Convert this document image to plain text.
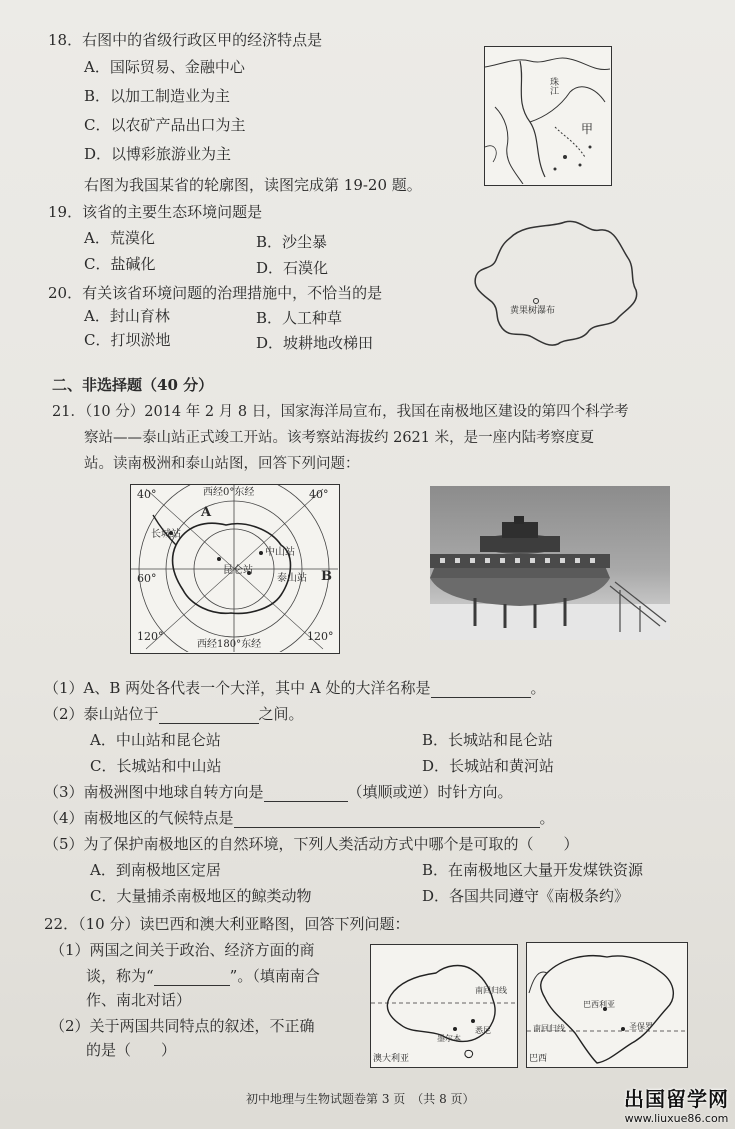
18．右图中的省级行政区甲的经济特点是
A．国际贸易、金融中心
B．以加工制造业为主
C．以农矿产品出口为主
D．以博彩旅游业为主
珠江
甲
右图为我国某省的轮廓图，读图完成第 19-20 题。
19．该省的主要生态环境问题是
A．荒漠化	B．沙尘暴
C．盐碱化	D．石漠化
黄果树瀑布
20．有关该省环境问题的治理措施中，不恰当的是
A．封山育林	B．人工种草
C．打坝淤地	D．坡耕地改梯田
二、非选择题（40 分）
21．（10 分）2014 年 2 月 8 日，国家海洋局宣布，我国在南极地区建设的第四个科学考
察站——泰山站正式竣工开站。该考察站海拔约 2621 米，是一座内陆考察度夏
站。读南极洲和泰山站图，回答下列问题：
西经0°东经
西经180°东经
40°	40°
60°
120°	120°
A
B
长城站
中山站
昆仑站
泰山站
（1）A、B 两处各代表一个大洋，其中 A 处的大洋名称是	。
（2）泰山站位于	之间。
A．中山站和昆仑站	B．长城站和昆仑站
C．长城站和中山站	D．长城站和黄河站
（3）南极洲图中地球自转方向是	（填顺或逆）时针方向。
（4）南极地区的气候特点是	。
（5）为了保护南极地区的自然环境，下列人类活动方式中哪个是可取的（　　）
A．到南极地区定居	B．在南极地区大量开发煤铁资源
C．大量捕杀南极地区的鲸类动物	D．各国共同遵守《南极条约》
22．（10 分）读巴西和澳大利亚略图，回答下列问题：
（1）两国之间关于政治、经济方面的商
谈，称为“	”。（填南南合
作、南北对话）
（2）关于两国共同特点的叙述，不正确
的是（　　）
南回归线
墨尔本
悉尼
澳大利亚
巴西利亚
圣保罗
南回归线
巴西
初中地理与生物试题卷第 3 页　（共 8 页）	出国留学网
www.liuxue86.com
